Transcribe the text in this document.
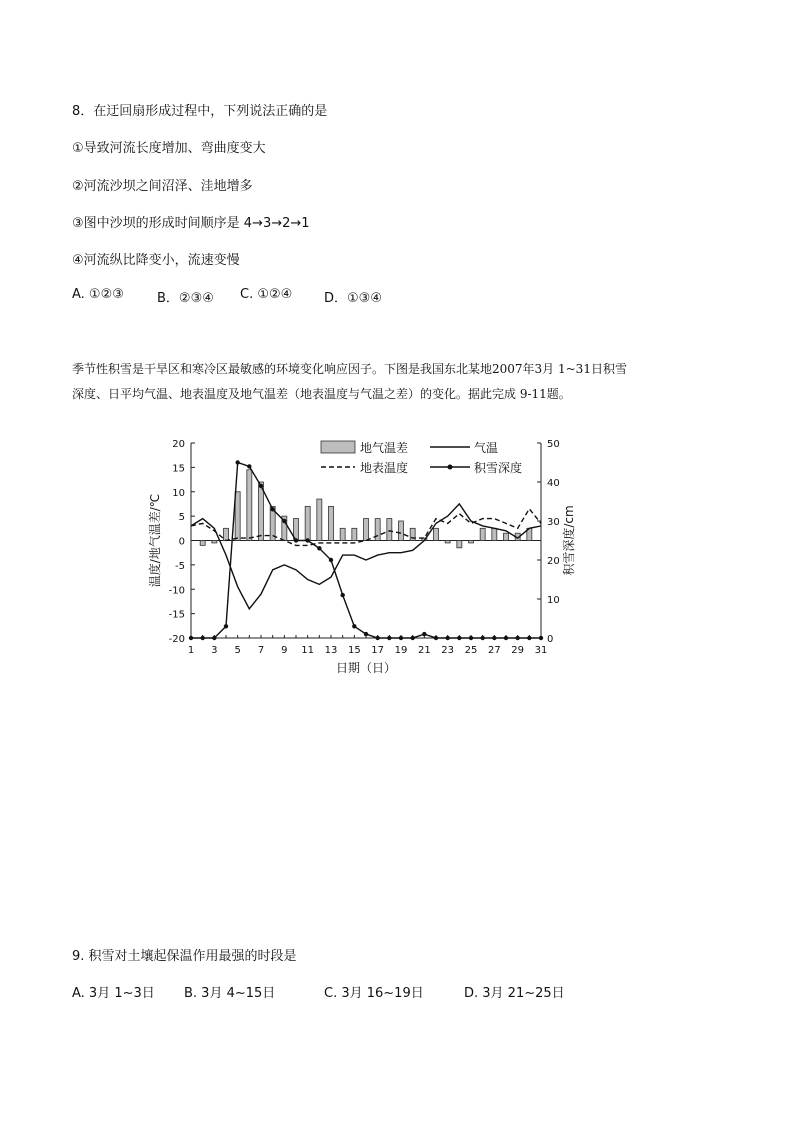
8．在迂回扇形成过程中，下列说法正确的是
①导致河流长度增加、弯曲度变大
②河流沙坝之间沼泽、洼地增多
③图中沙坝的形成时间顺序是 4→3→2→1
④河流纵比降变小，流速变慢
A. ①②③	B．②③④ C. ①②④ D．①③④
季节性积雪是干旱区和寒冷区最敏感的环境变化响应因子。下图是我国东北某地2007年3月 1~31日积雪
深度、日平均气温、地表温度及地气温差（地表温度与气温之差）的变化。据此完成 9-11题。
地气温差	气温
地表温度	积雪深度
20
15
10
5
0
-5
-10
-15
-20
50
40
30
20
10
0
1 3 5 7 9 11 13 15 17 19 21 23 25 27 29 31
日期（日）
温度/地气温差/℃	积雪深度/cm
9. 积雪对土壤起保温作用最强的时段是
A. 3月 1~3日 B. 3月 4~15日	C. 3月 16~19日	D. 3月 21~25日
